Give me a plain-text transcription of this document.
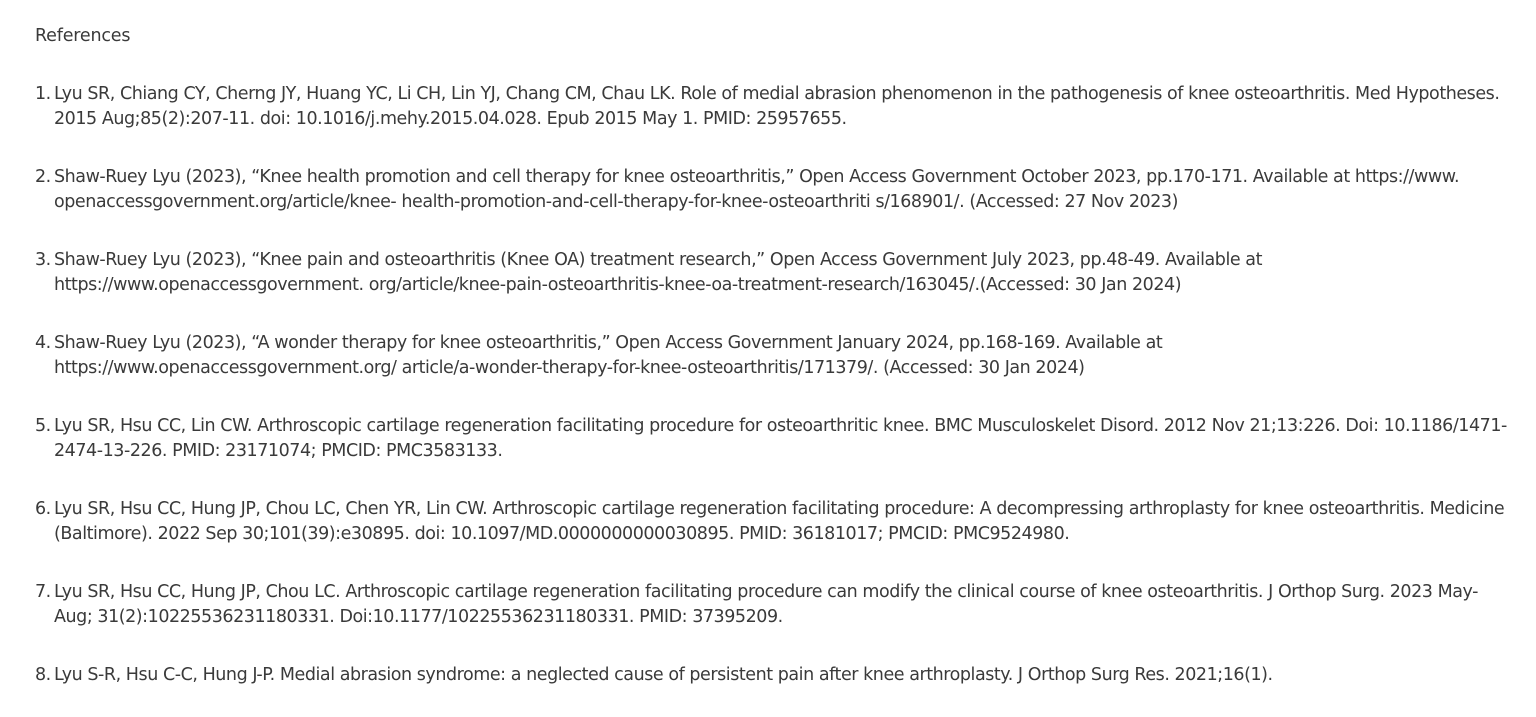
References
1. Lyu SR, Chiang CY, Cherng JY, Huang YC, Li CH, Lin YJ, Chang CM, Chau LK. Role of medial abrasion phenomenon in the pathogenesis of knee osteoarthritis. Med Hypotheses. 2015 Aug;85(2):207-11. doi: 10.1016/j.mehy.2015.04.028. Epub 2015 May 1. PMID: 25957655.
2. Shaw-Ruey Lyu (2023), “Knee health promotion and cell therapy for knee osteoarthritis,” Open Access Government October 2023, pp.170-171. Available at https://www. openaccessgovernment.org/article/knee- health-promotion-and-cell-therapy-for-knee-osteoarthriti s/168901/. (Accessed: 27 Nov 2023)
3. Shaw-Ruey Lyu (2023), “Knee pain and osteoarthritis (Knee OA) treatment research,” Open Access Government July 2023, pp.48-49. Available at https://www.openaccessgovernment. org/article/knee-pain-osteoarthritis-knee-oa-treatment-research/163045/.(Accessed: 30 Jan 2024)
4. Shaw-Ruey Lyu (2023), “A wonder therapy for knee osteoarthritis,” Open Access Government January 2024, pp.168-169. Available at https://www.openaccessgovernment.org/ article/a-wonder-therapy-for-knee-osteoarthritis/171379/. (Accessed: 30 Jan 2024)
5. Lyu SR, Hsu CC, Lin CW. Arthroscopic cartilage regeneration facilitating procedure for osteoarthritic knee. BMC Musculoskelet Disord. 2012 Nov 21;13:226. Doi: 10.1186/1471-2474-13-226. PMID: 23171074; PMCID: PMC3583133.
6. Lyu SR, Hsu CC, Hung JP, Chou LC, Chen YR, Lin CW. Arthroscopic cartilage regeneration facilitating procedure: A decompressing arthroplasty for knee osteoarthritis. Medicine (Baltimore). 2022 Sep 30;101(39):e30895. doi: 10.1097/MD.0000000000030895. PMID: 36181017; PMCID: PMC9524980.
7. Lyu SR, Hsu CC, Hung JP, Chou LC. Arthroscopic cartilage regeneration facilitating procedure can modify the clinical course of knee osteoarthritis. J Orthop Surg. 2023 May-Aug; 31(2):10225536231180331. Doi:10.1177/10225536231180331. PMID: 37395209.
8. Lyu S-R, Hsu C-C, Hung J-P. Medial abrasion syndrome: a neglected cause of persistent pain after knee arthroplasty. J Orthop Surg Res. 2021;16(1).
